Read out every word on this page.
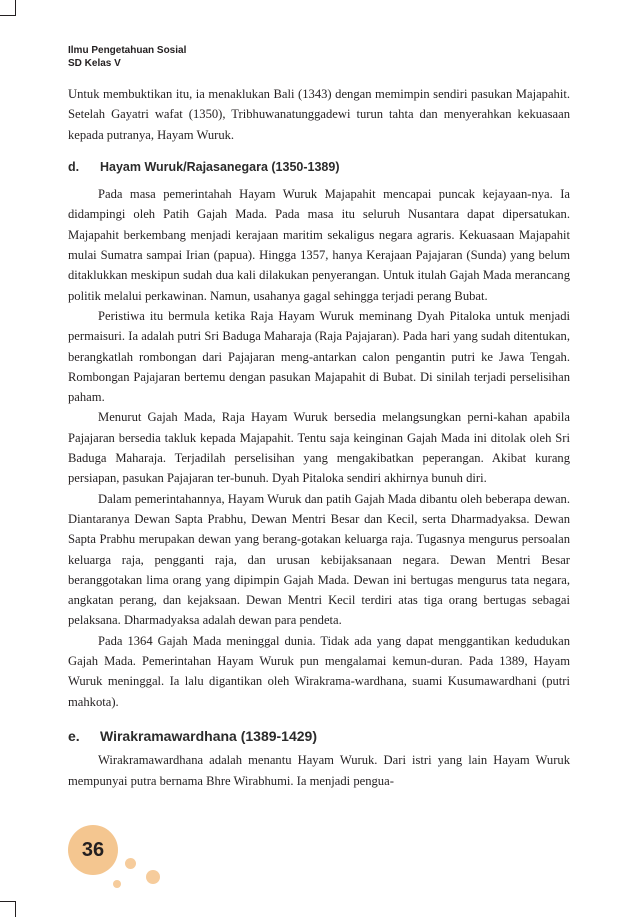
Ilmu Pengetahuan Sosial
SD Kelas V

Untuk membuktikan itu, ia menaklukan Bali (1343) dengan memimpin sendiri pasukan Majapahit. Setelah Gayatri wafat (1350), Tribhuwanatunggadewi turun tahta dan menyerahkan kekuasaan kepada putranya, Hayam Wuruk.

d.	Hayam Wuruk/Rajasanegara (1350-1389)

Pada masa pemerintahah Hayam Wuruk Majapahit mencapai puncak kejayaan-nya. Ia didampingi oleh Patih Gajah Mada. Pada masa itu seluruh Nusantara dapat dipersatukan. Majapahit berkembang menjadi kerajaan maritim sekaligus negara agraris. Kekuasaan Majapahit mulai Sumatra sampai Irian (papua). Hingga 1357, hanya Kerajaan Pajajaran (Sunda) yang belum ditaklukkan meskipun sudah dua kali dilakukan penyerangan. Untuk itulah Gajah Mada merancang politik melalui perkawinan. Namun, usahanya gagal sehingga terjadi perang Bubat.

Peristiwa itu bermula ketika Raja Hayam Wuruk meminang Dyah Pitaloka untuk menjadi permaisuri. Ia adalah putri Sri Baduga Maharaja (Raja Pajajaran). Pada hari yang sudah ditentukan, berangkatlah rombongan dari Pajajaran meng-antarkan calon pengantin putri ke Jawa Tengah. Rombongan Pajajaran bertemu dengan pasukan Majapahit di Bubat. Di sinilah terjadi perselisihan paham.

Menurut Gajah Mada, Raja Hayam Wuruk bersedia melangsungkan perni-kahan apabila Pajajaran bersedia takluk kepada Majapahit. Tentu saja keinginan Gajah Mada ini ditolak oleh Sri Baduga Maharaja. Terjadilah perselisihan yang mengakibatkan peperangan. Akibat kurang persiapan, pasukan Pajajaran ter-bunuh. Dyah Pitaloka sendiri akhirnya bunuh diri.

Dalam pemerintahannya, Hayam Wuruk dan patih Gajah Mada dibantu oleh beberapa dewan. Diantaranya Dewan Sapta Prabhu, Dewan Mentri Besar dan Kecil, serta Dharmadyaksa. Dewan Sapta Prabhu merupakan dewan yang berang-gotakan keluarga raja. Tugasnya mengurus persoalan keluarga raja, pengganti raja, dan urusan kebijaksanaan negara. Dewan Mentri Besar beranggotakan lima orang yang dipimpin Gajah Mada. Dewan ini bertugas mengurus tata negara, angkatan perang, dan kejaksaan. Dewan Mentri Kecil terdiri atas tiga orang bertugas sebagai pelaksana. Dharmadyaksa adalah dewan para pendeta.

Pada 1364 Gajah Mada meninggal dunia. Tidak ada yang dapat menggantikan kedudukan Gajah Mada. Pemerintahan Hayam Wuruk pun mengalamai kemun-duran. Pada 1389, Hayam Wuruk meninggal. Ia lalu digantikan oleh Wirakrama-wardhana, suami Kusumawardhani (putri mahkota).

e.	Wirakramawardhana (1389-1429)

Wirakramawardhana adalah menantu Hayam Wuruk. Dari istri yang lain Hayam Wuruk mempunyai putra bernama Bhre Wirabhumi. Ia menjadi pengua-

36
